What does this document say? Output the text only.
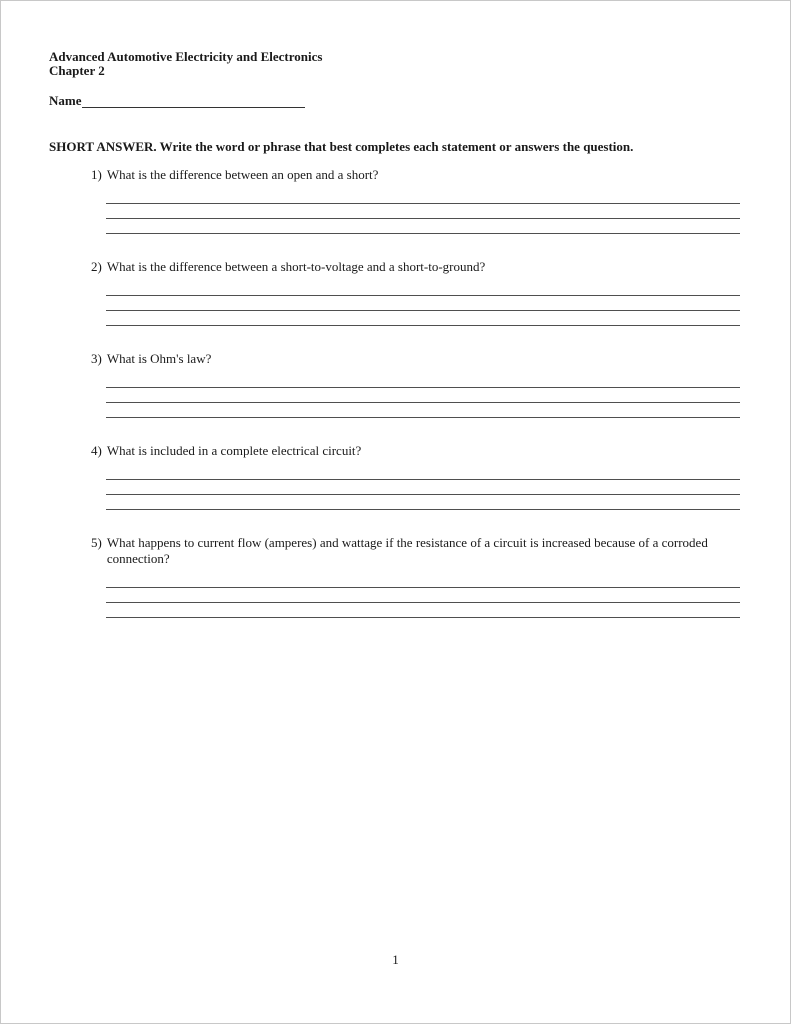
Advanced Automotive Electricity and Electronics
Chapter 2
Name
SHORT ANSWER. Write the word or phrase that best completes each statement or answers the question.
1) What is the difference between an open and a short?
2) What is the difference between a short-to-voltage and a short-to-ground?
3) What is Ohm's law?
4) What is included in a complete electrical circuit?
5) What happens to current flow (amperes) and wattage if the resistance of a circuit is increased because of a corroded connection?
1
